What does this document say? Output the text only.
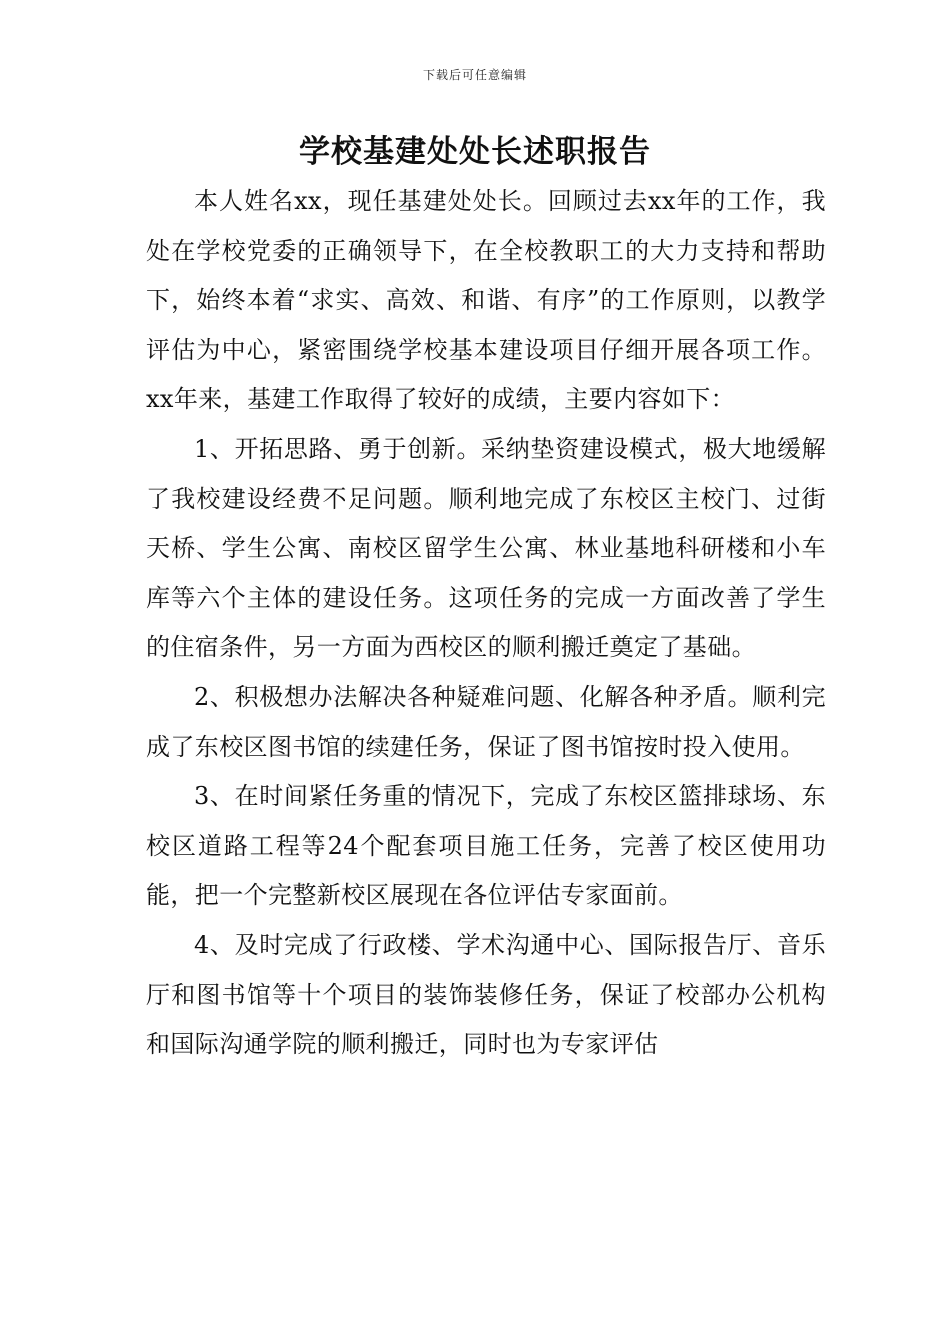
下载后可任意编辑
学校基建处处长述职报告

本人姓名xx，现任基建处处长。回顾过去xx年的工作，我处在学校党委的正确领导下，在全校教职工的大力支持和帮助下，始终本着“求实、高效、和谐、有序”的工作原则，以教学评估为中心，紧密围绕学校基本建设项目仔细开展各项工作。xx年来，基建工作取得了较好的成绩，主要内容如下：

1、开拓思路、勇于创新。采纳垫资建设模式，极大地缓解了我校建设经费不足问题。顺利地完成了东校区主校门、过街天桥、学生公寓、南校区留学生公寓、林业基地科研楼和小车库等六个主体的建设任务。这项任务的完成一方面改善了学生的住宿条件，另一方面为西校区的顺利搬迁奠定了基础。

2、积极想办法解决各种疑难问题、化解各种矛盾。顺利完成了东校区图书馆的续建任务，保证了图书馆按时投入使用。

3、在时间紧任务重的情况下，完成了东校区篮排球场、东校区道路工程等24个配套项目施工任务，完善了校区使用功能，把一个完整新校区展现在各位评估专家面前。

4、及时完成了行政楼、学术沟通中心、国际报告厅、音乐厅和图书馆等十个项目的装饰装修任务，保证了校部办公机构和国际沟通学院的顺利搬迁，同时也为专家评估
